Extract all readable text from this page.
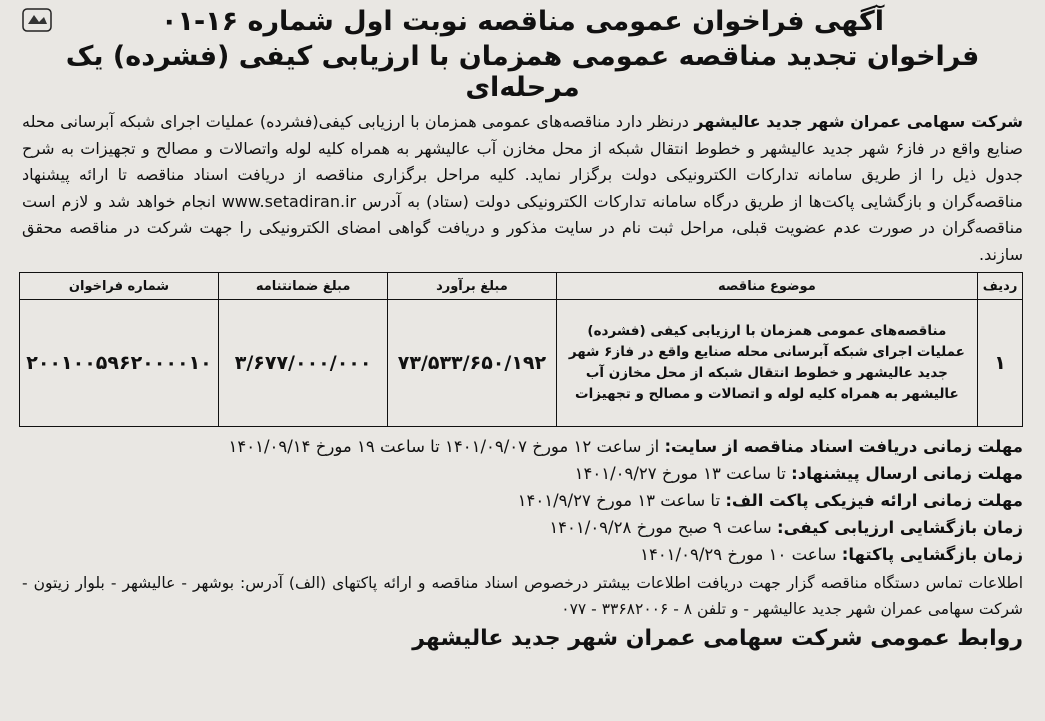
آگهی فراخوان عمومی مناقصه نوبت اول شماره ۱۶-۰۱
فراخوان تجدید مناقصه عمومی همزمان با ارزیابی کیفی (فشرده) یک مرحله‌ای
شرکت سهامی عمران شهر جدید عالیشهر درنظر دارد مناقصه‌های عمومی همزمان با ارزیابی کیفی(فشرده) عملیات اجرای شبکه آبرسانی محله صنایع واقع در فاز۶ شهر جدید عالیشهر و خطوط انتقال شبکه از محل مخازن آب عالیشهر به همراه کلیه لوله واتصالات و مصالح و تجهیزات به شرح جدول ذیل را از طریق سامانه تدارکات الکترونیکی دولت برگزار نماید. کلیه مراحل برگزاری مناقصه از دریافت اسناد مناقصه تا ارائه پیشنهاد مناقصه‌گران و بازگشایی پاکت‌ها از طریق درگاه سامانه تدارکات الکترونیکی دولت (ستاد) به آدرس www.setadiran.ir انجام خواهد شد و لازم است مناقصه‌گران در صورت عدم عضویت قبلی، مراحل ثبت نام در سایت مذکور و دریافت گواهی امضای الکترونیکی را جهت شرکت در مناقصه محقق سازند.
ردیف	موضوع مناقصه	مبلغ برآورد	مبلغ ضمانتنامه	شماره فراخوان
۱	مناقصه‌های عمومی همزمان با ارزیابی کیفی (فشرده) عملیات اجرای شبکه آبرسانی محله صنایع واقع در فاز۶ شهر جدید عالیشهر و خطوط انتقال شبکه از محل مخازن آب عالیشهر به همراه کلیه لوله و اتصالات و مصالح و تجهیزات	۷۳/۵۳۳/۶۵۰/۱۹۲	۳/۶۷۷/۰۰۰/۰۰۰	۲۰۰۱۰۰۵۹۶۲۰۰۰۰۱۰
مهلت زمانی دریافت اسناد مناقصه از سایت: از ساعت ۱۲ مورخ ۱۴۰۱/۰۹/۰۷ تا ساعت ۱۹ مورخ ۱۴۰۱/۰۹/۱۴
مهلت زمانی ارسال پیشنهاد: تا ساعت ۱۳ مورخ ۱۴۰۱/۰۹/۲۷
مهلت زمانی ارائه فیزیکی پاکت الف: تا ساعت ۱۳ مورخ ۱۴۰۱/۹/۲۷
زمان بازگشایی ارزیابی کیفی: ساعت ۹ صبح مورخ ۱۴۰۱/۰۹/۲۸
زمان بازگشایی پاکتها: ساعت ۱۰ مورخ ۱۴۰۱/۰۹/۲۹
اطلاعات تماس دستگاه مناقصه گزار جهت دریافت اطلاعات بیشتر درخصوص اسناد مناقصه و ارائه پاکتهای (الف) آدرس: بوشهر - عالیشهر - بلوار زیتون - شرکت سهامی عمران شهر جدید عالیشهر - و تلفن ۸ - ۳۳۶۸۲۰۰۶ - ۰۷۷
روابط عمومی شرکت سهامی عمران شهر جدید عالیشهر
